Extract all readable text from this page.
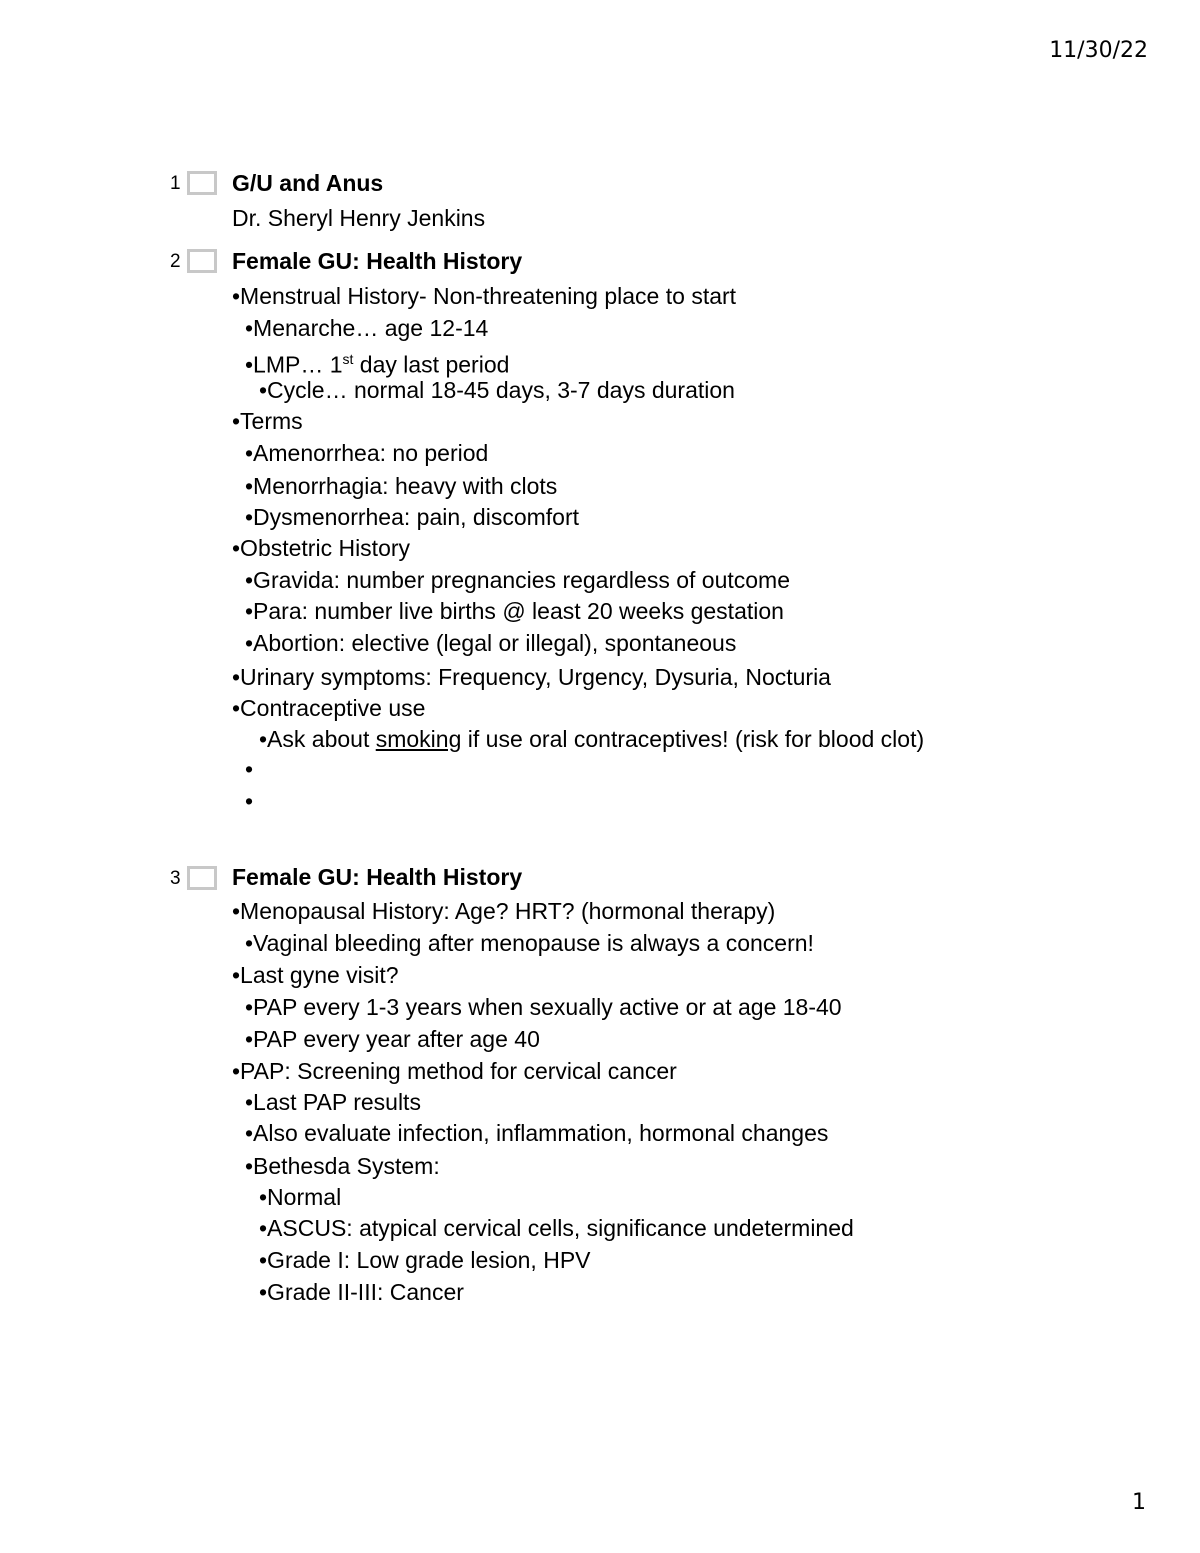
11/30/22
1 G/U and Anus
Dr. Sheryl Henry Jenkins
2 Female GU: Health History
•Menstrual History- Non-threatening place to start
•Menarche… age 12-14
•LMP… 1st day last period
•Cycle… normal 18-45 days, 3-7 days duration
•Terms
•Amenorrhea: no period
•Menorrhagia: heavy with clots
•Dysmenorrhea: pain, discomfort
•Obstetric History
•Gravida: number pregnancies regardless of outcome
•Para: number live births @ least 20 weeks gestation
•Abortion: elective (legal or illegal), spontaneous
•Urinary symptoms: Frequency, Urgency, Dysuria, Nocturia
•Contraceptive use
•Ask about smoking if use oral contraceptives! (risk for blood clot)
•
•
3 Female GU: Health History
•Menopausal History: Age? HRT? (hormonal therapy)
•Vaginal bleeding after menopause is always a concern!
•Last gyne visit?
•PAP every 1-3 years when sexually active or at age 18-40
•PAP every year after age 40
•PAP: Screening method for cervical cancer
•Last PAP results
•Also evaluate infection, inflammation, hormonal changes
•Bethesda System:
•Normal
•ASCUS: atypical cervical cells, significance undetermined
•Grade I: Low grade lesion, HPV
•Grade II-III: Cancer
1
